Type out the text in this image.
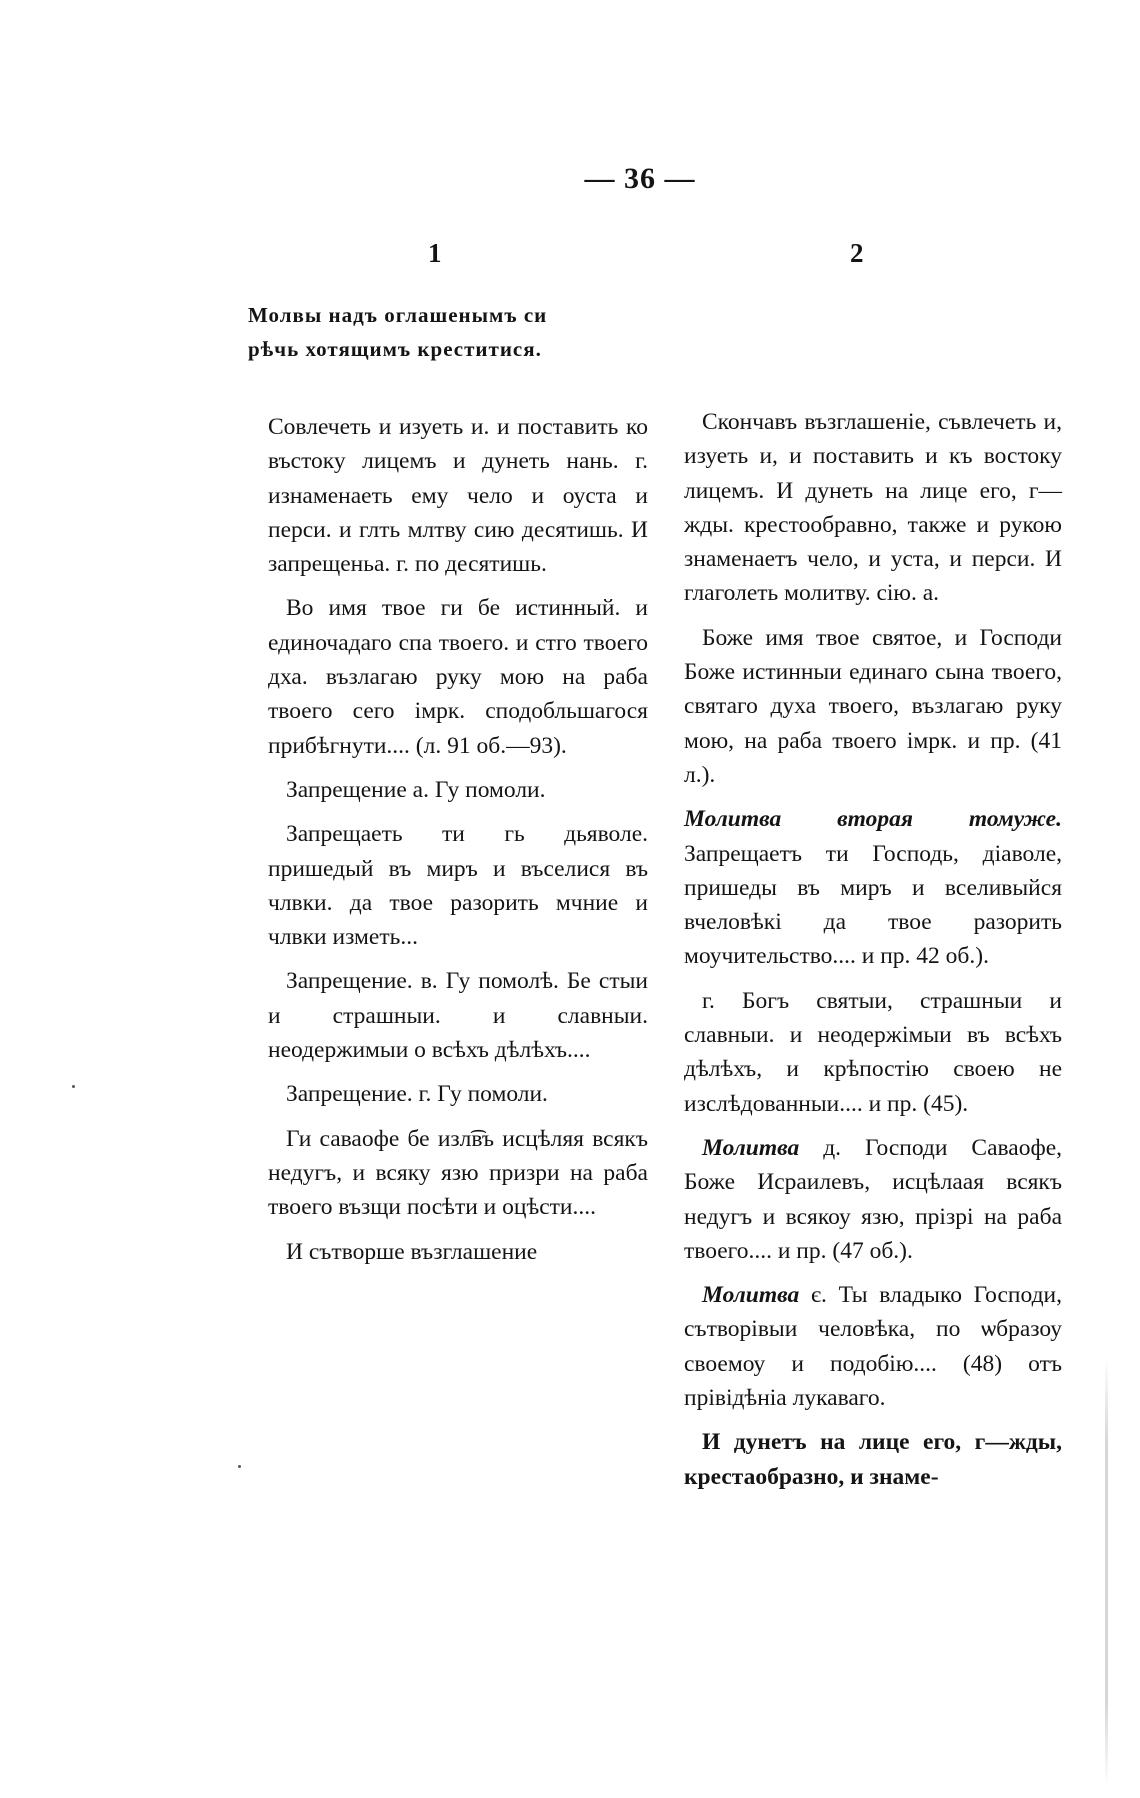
— 36 —
1	2
Молвы надъ оглашенымъ си
рѣчь хотящимъ креститися.

Совлечеть и изуеть и. и поставить ко въстоку лицемъ и дунеть нань. г. изнаменаеть ему чело и оуста и перси. и глть млтву сию десятишь. И запрещеньа. г. по десятишь.

Во имя твое ги бе истинный. и единочадаго спа твоего. и стго твоего дха. възлагаю руку мою на раба твоего сего імрк. сподобльшагося прибѣгнути.... (л. 91 об.—93).

Запрещение а. Гу помоли.

Запрещаеть ти гь дьяволе. пришедый въ миръ и въселися въ члвки. да твое разорить мчние и члвки изметь...

Запрещение. в. Гу помолѣ. Бе стыи и страшныи. и славныи. неодержимыи о всѣхъ дѣлѣхъ....

Запрещение. г. Гу помоли.

Ги саваофе бе изл͡въ исцѣляя всякъ недугъ, и всяку язю призри на раба твоего възщи посѣти и оцѣсти....

И сътворше възглашение

Скончавъ възглашеніе, съвлечеть и, изуеть и, и поставить и къ востоку лицемъ. И дунеть на лице его, г—жды. крестообравно, также и рукою знаменаетъ чело, и уста, и перси. И глаголеть молитву. сію. а.

Боже имя твое святое, и Господи Боже истинныи единаго сына твоего, святаго духа твоего, възлагаю руку мою, на раба твоего імрк. и пр. (41 л.).

Молитва вторая томуже. Запрещаетъ ти Господь, діаволе, пришеды въ миръ и вселивыйся вчеловѣкі да твое разорить моучительство.... и пр. 42 об.).

г. Богъ святыи, страшныи и славныи. и неодержімыи въ всѣхъ дѣлѣхъ, и крѣпостію своею не изслѣдованныи.... и пр. (45).

Молитва д. Господи Саваофе, Боже Исраилевъ, исцѣлаая всякъ недугъ и всякоу язю, прізрі на раба твоего.... и пр. (47 об.).

Молитва є. Ты владыко Господи, сътворівыи человѣка, по ѡбразоу своемоу и подобію.... (48) отъ прівідѣніа лукаваго.

И дунетъ на лице его, г—жды, крестаобразно, и знаме-
